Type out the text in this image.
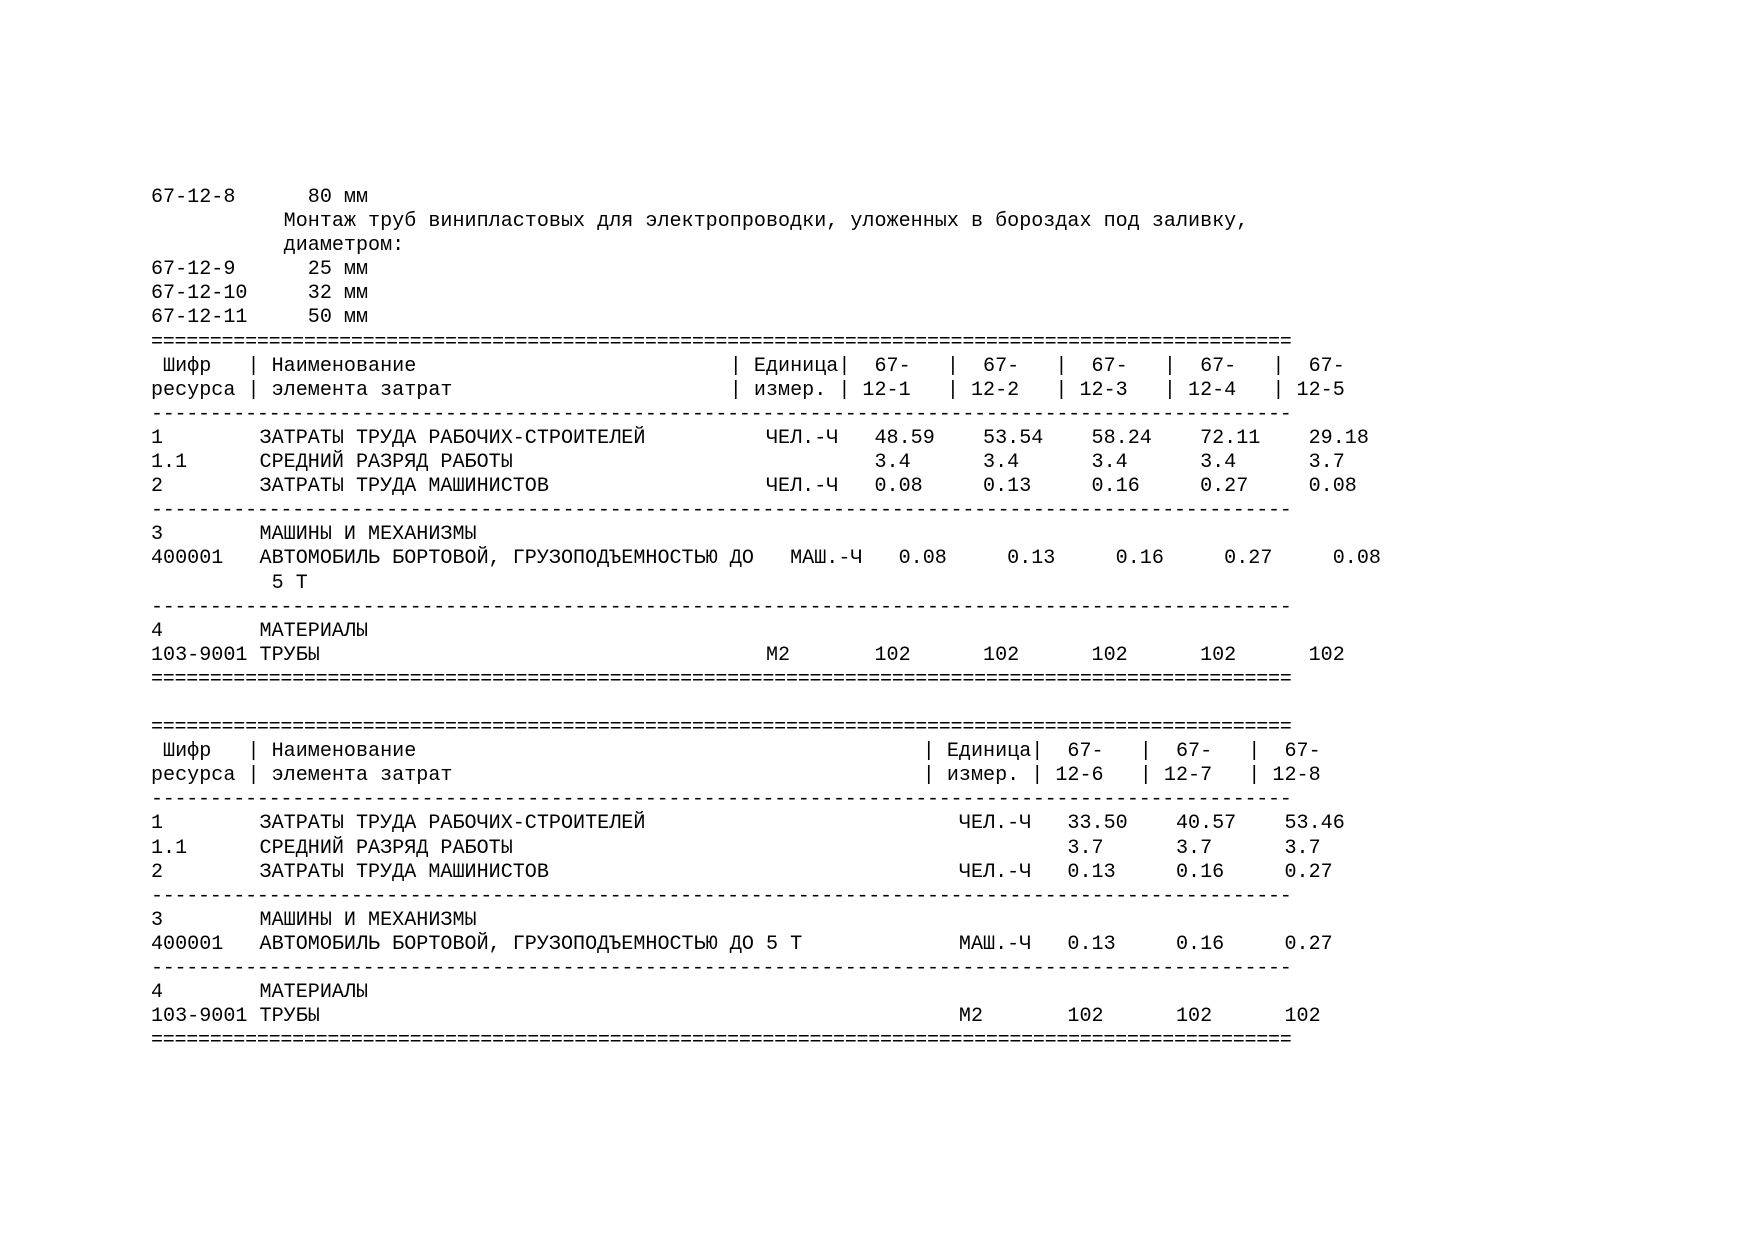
67-12-8      80 мм
Монтаж труб винипластовых для электропроводки, уложенных в бороздах под заливку,
диаметром:
67-12-9      25 мм
67-12-10     32 мм
67-12-11     50 мм
=================================================================================================
Шифр   | Наименование                          | Единица|  67-   |  67-   |  67-   |  67-   |  67-
ресурса | элемента затрат                       | измер. | 12-1   | 12-2   | 12-3   | 12-4   | 12-5
-------------------------------------------------------------------------------------------------
1        ЗАТРАТЫ ТРУДА РАБОЧИХ-СТРОИТЕЛЕЙ          ЧЕЛ.-Ч   48.59    53.54    58.24    72.11    29.18
1.1      СРЕДНИЙ РАЗРЯД РАБОТЫ                              3.4      3.4      3.4      3.4      3.7
2        ЗАТРАТЫ ТРУДА МАШИНИСТОВ                  ЧЕЛ.-Ч   0.08     0.13     0.16     0.27     0.08
-------------------------------------------------------------------------------------------------
3        МАШИНЫ И МЕХАНИЗМЫ
400001   АВТОМОБИЛЬ БОРТОВОЙ, ГРУЗОПОДЪЕМНОСТЬЮ ДО   МАШ.-Ч   0.08     0.13     0.16     0.27     0.08
5 Т
-------------------------------------------------------------------------------------------------
4        МАТЕРИАЛЫ
103-9001 ТРУБЫ                                     М2       102      102      102      102      102
=================================================================================================
=================================================================================================
Шифр   | Наименование                                          | Единица|  67-   |  67-   |  67-
ресурса | элемента затрат                                       | измер. | 12-6   | 12-7   | 12-8
-------------------------------------------------------------------------------------------------
1        ЗАТРАТЫ ТРУДА РАБОЧИХ-СТРОИТЕЛЕЙ                          ЧЕЛ.-Ч   33.50    40.57    53.46
1.1      СРЕДНИЙ РАЗРЯД РАБОТЫ                                              3.7      3.7      3.7
2        ЗАТРАТЫ ТРУДА МАШИНИСТОВ                                  ЧЕЛ.-Ч   0.13     0.16     0.27
-------------------------------------------------------------------------------------------------
3        МАШИНЫ И МЕХАНИЗМЫ
400001   АВТОМОБИЛЬ БОРТОВОЙ, ГРУЗОПОДЪЕМНОСТЬЮ ДО 5 Т             МАШ.-Ч   0.13     0.16     0.27
-------------------------------------------------------------------------------------------------
4        МАТЕРИАЛЫ
103-9001 ТРУБЫ                                                     М2       102      102      102
=================================================================================================
